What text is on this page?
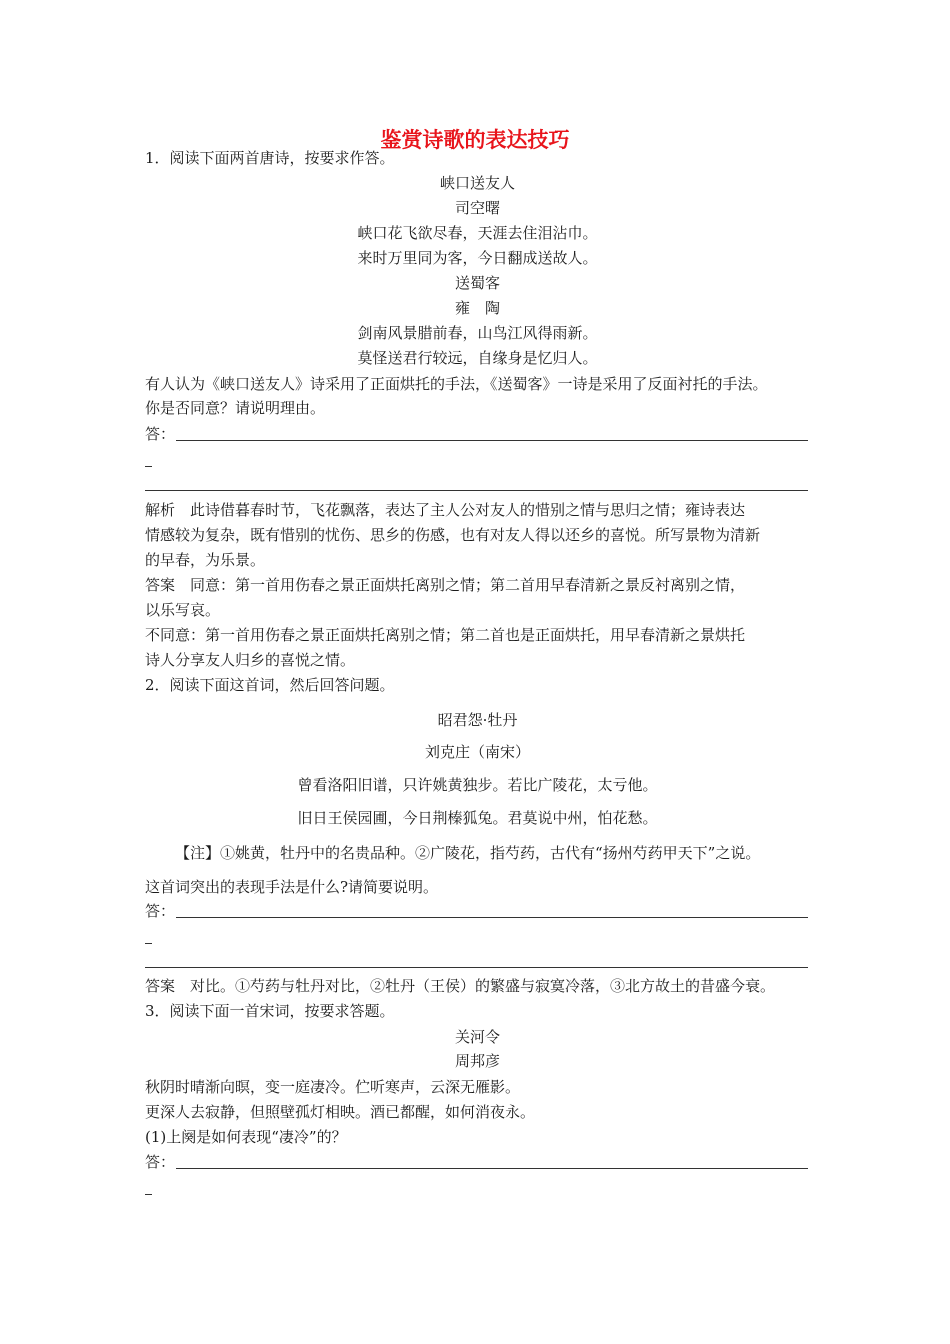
鉴赏诗歌的表达技巧
1．阅读下面两首唐诗，按要求作答。
峡口送友人
司空曙
峡口花飞欲尽春，天涯去住泪沾巾。
来时万里同为客，今日翻成送故人。
送蜀客
雍　陶
剑南风景腊前春，山鸟江风得雨新。
莫怪送君行较远，自缘身是忆归人。
有人认为《峡口送友人》诗采用了正面烘托的手法，《送蜀客》一诗是采用了反面衬托的手法。
你是否同意？请说明理由。
答：
解析　此诗借暮春时节，飞花飘落，表达了主人公对友人的惜别之情与思归之情；雍诗表达
情感较为复杂，既有惜别的忧伤、思乡的伤感，也有对友人得以还乡的喜悦。所写景物为清新
的早春，为乐景。
答案　同意：第一首用伤春之景正面烘托离别之情；第二首用早春清新之景反衬离别之情，
以乐写哀。
不同意：第一首用伤春之景正面烘托离别之情；第二首也是正面烘托，用早春清新之景烘托
诗人分享友人归乡的喜悦之情。
2．阅读下面这首词，然后回答问题。
昭君怨·牡丹
刘克庄（南宋）
曾看洛阳旧谱，只许姚黄独步。若比广陵花，太亏他。
旧日王侯园圃，今日荆榛狐兔。君莫说中州，怕花愁。
【注】①姚黄，牡丹中的名贵品种。②广陵花，指芍药，古代有“扬州芍药甲天下”之说。
这首词突出的表现手法是什么?请简要说明。
答：
答案　对比。①芍药与牡丹对比，②牡丹（王侯）的繁盛与寂寞冷落，③北方故土的昔盛今衰。
3．阅读下面一首宋词，按要求答题。
关河令
周邦彦
秋阴时晴渐向暝，变一庭凄冷。伫听寒声，云深无雁影。
更深人去寂静，但照壁孤灯相映。酒已都醒，如何消夜永。
(1)上阕是如何表现“凄冷”的？
答：
